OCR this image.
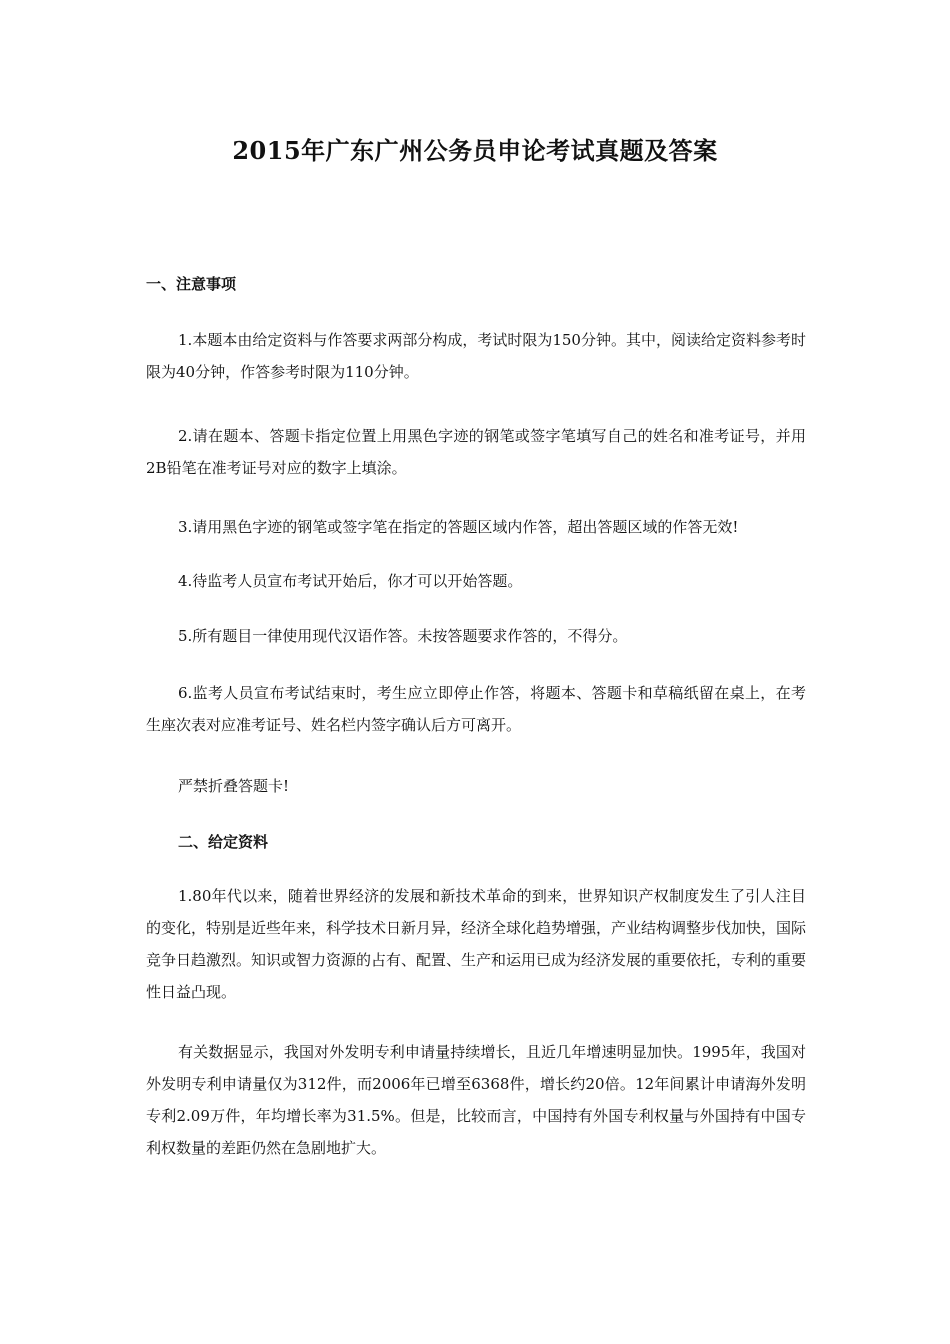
2015年广东广州公务员申论考试真题及答案
一、注意事项

1.本题本由给定资料与作答要求两部分构成，考试时限为150分钟。其中，阅读给定资料参考时限为40分钟，作答参考时限为110分钟。

2.请在题本、答题卡指定位置上用黑色字迹的钢笔或签字笔填写自己的姓名和准考证号，并用2B铅笔在准考证号对应的数字上填涂。

3.请用黑色字迹的钢笔或签字笔在指定的答题区域内作答，超出答题区域的作答无效!

4.待监考人员宣布考试开始后，你才可以开始答题。

5.所有题目一律使用现代汉语作答。未按答题要求作答的，不得分。

6.监考人员宣布考试结束时，考生应立即停止作答，将题本、答题卡和草稿纸留在桌上，在考生座次表对应准考证号、姓名栏内签字确认后方可离开。

严禁折叠答题卡!

二、给定资料

1.80年代以来，随着世界经济的发展和新技术革命的到来，世界知识产权制度发生了引人注目的变化，特别是近些年来，科学技术日新月异，经济全球化趋势增强，产业结构调整步伐加快，国际竞争日趋激烈。知识或智力资源的占有、配置、生产和运用已成为经济发展的重要依托，专利的重要性日益凸现。

有关数据显示，我国对外发明专利申请量持续增长，且近几年增速明显加快。1995年，我国对外发明专利申请量仅为312件，而2006年已增至6368件，增长约20倍。12年间累计申请海外发明专利2.09万件，年均增长率为31.5%。但是，比较而言，中国持有外国专利权量与外国持有中国专利权数量的差距仍然在急剧地扩大。
